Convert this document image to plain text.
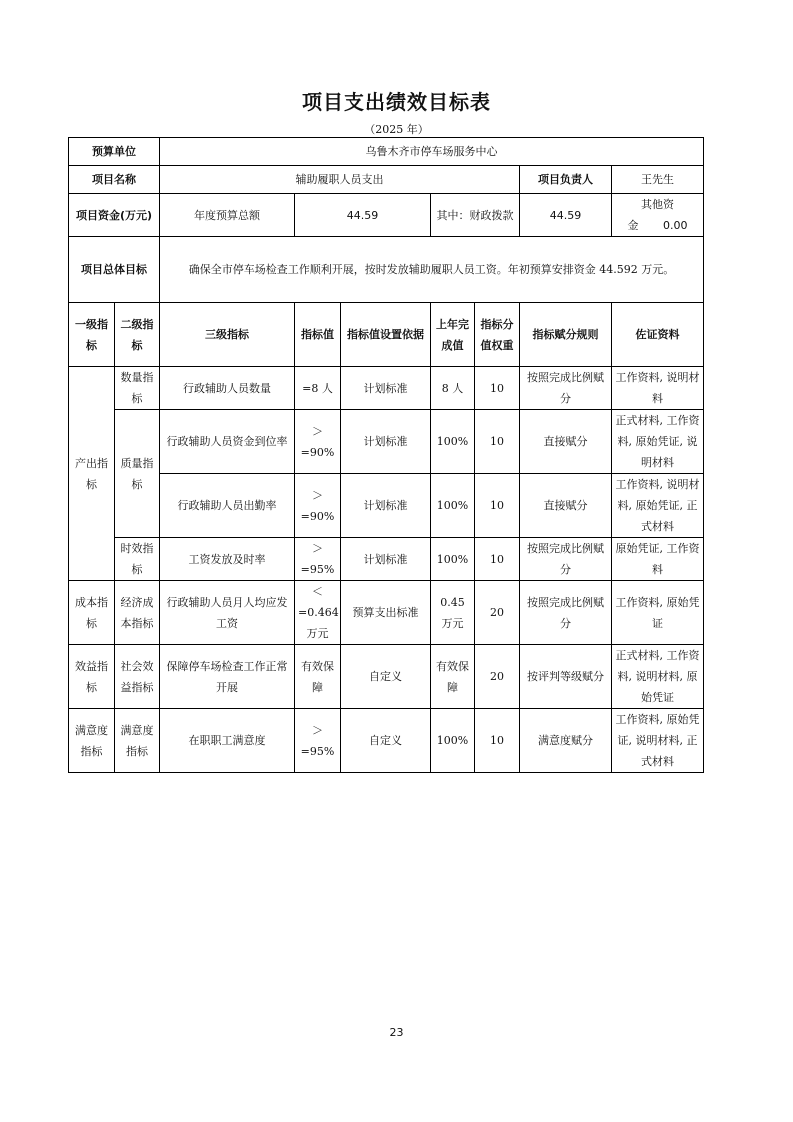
项目支出绩效目标表
（2025 年）
预算单位		乌鲁木齐市停车场服务中心						
项目名称		辅助履职人员支出					项目负责人	王先生
项目资金(万元)		年度预算总额	44.59		其中：财政拨款		44.59	其他资金 0.00
项目总体目标		确保全市停车场检查工作顺利开展，按时发放辅助履职人员工资。年初预算安排资金 44.592 万元。						
一级指标	二级指标	三级指标	指标值	指标值设置依据	上年完成值	指标分值权重	指标赋分规则	佐证资料
产出指标	数量指标	行政辅助人员数量	=8 人	计划标准	8 人	10	按照完成比例赋分	工作资料, 说明材料
	质量指标	行政辅助人员资金到位率	＞=90%	计划标准	100%	10	直接赋分	正式材料, 工作资料, 原始凭证, 说明材料
		行政辅助人员出勤率	＞=90%	计划标准	100%	10	直接赋分	工作资料, 说明材料, 原始凭证, 正式材料
	时效指标	工资发放及时率	＞=95%	计划标准	100%	10	按照完成比例赋分	原始凭证, 工作资料
成本指标	经济成本指标	行政辅助人员月人均应发工资	＜=0.464 万元	预算支出标准	0.45 万元	20	按照完成比例赋分	工作资料, 原始凭证
效益指标	社会效益指标	保障停车场检查工作正常开展	有效保障	自定义	有效保障	20	按评判等级赋分	正式材料, 工作资料, 说明材料, 原始凭证
满意度指标	满意度指标	在职职工满意度	＞=95%	自定义	100%	10	满意度赋分	工作资料, 原始凭证, 说明材料, 正式材料
23
